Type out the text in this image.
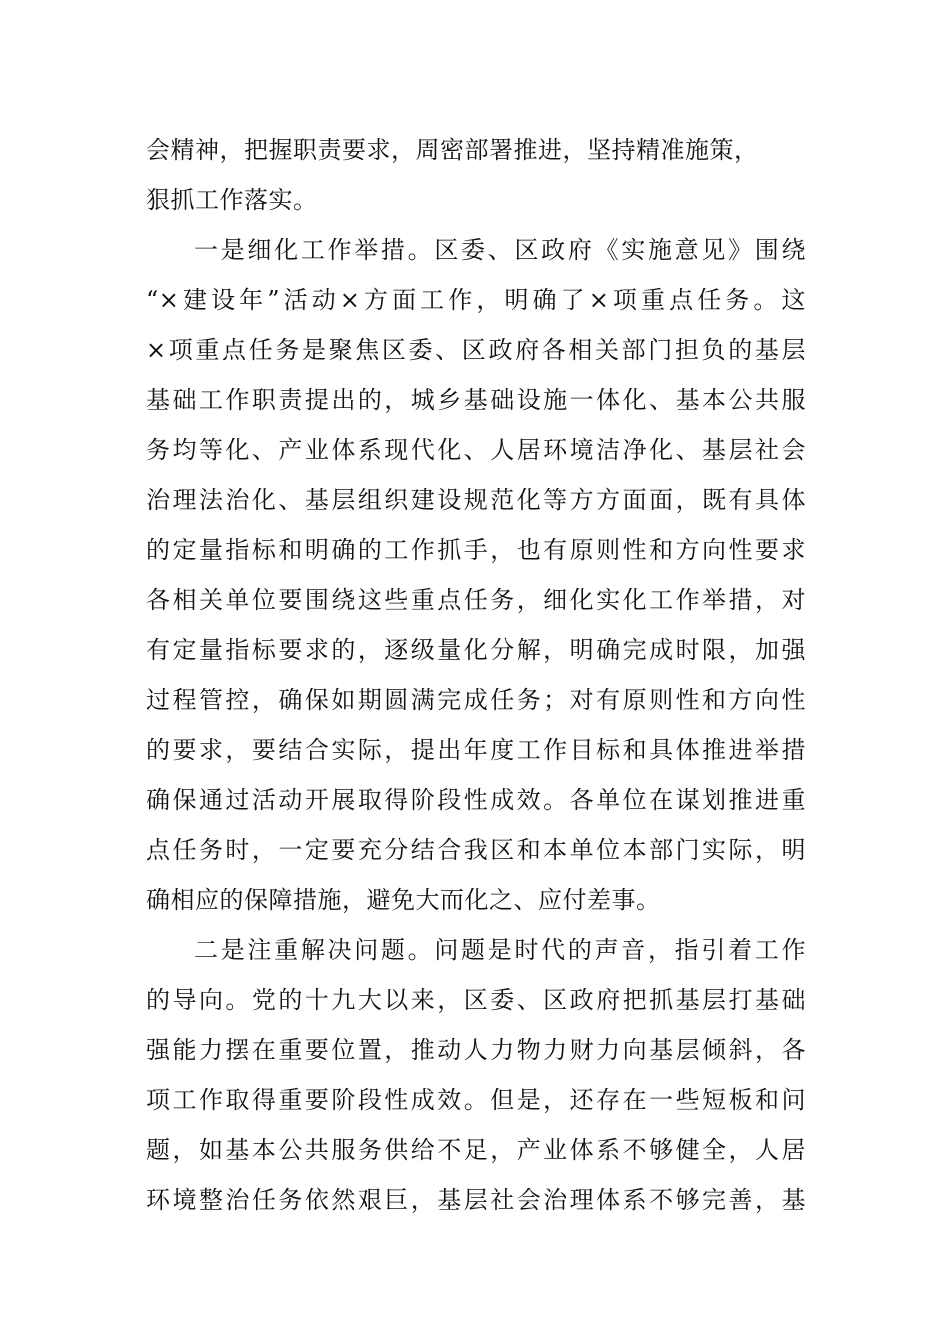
会精神，把握职责要求，周密部署推进，坚持精准施策，
狠抓工作落实。
一是细化工作举措。区委、区政府《实施意见》围绕
“×建设年”活动×方面工作，明确了×项重点任务。这
×项重点任务是聚焦区委、区政府各相关部门担负的基层
基础工作职责提出的，城乡基础设施一体化、基本公共服
务均等化、产业体系现代化、人居环境洁净化、基层社会
治理法治化、基层组织建设规范化等方方面面，既有具体
的定量指标和明确的工作抓手，也有原则性和方向性要求
各相关单位要围绕这些重点任务，细化实化工作举措，对
有定量指标要求的，逐级量化分解，明确完成时限，加强
过程管控，确保如期圆满完成任务；对有原则性和方向性
的要求，要结合实际，提出年度工作目标和具体推进举措
确保通过活动开展取得阶段性成效。各单位在谋划推进重
点任务时，一定要充分结合我区和本单位本部门实际，明
确相应的保障措施，避免大而化之、应付差事。
二是注重解决问题。问题是时代的声音，指引着工作
的导向。党的十九大以来，区委、区政府把抓基层打基础
强能力摆在重要位置，推动人力物力财力向基层倾斜，各
项工作取得重要阶段性成效。但是，还存在一些短板和问
题，如基本公共服务供给不足，产业体系不够健全，人居
环境整治任务依然艰巨，基层社会治理体系不够完善，基
